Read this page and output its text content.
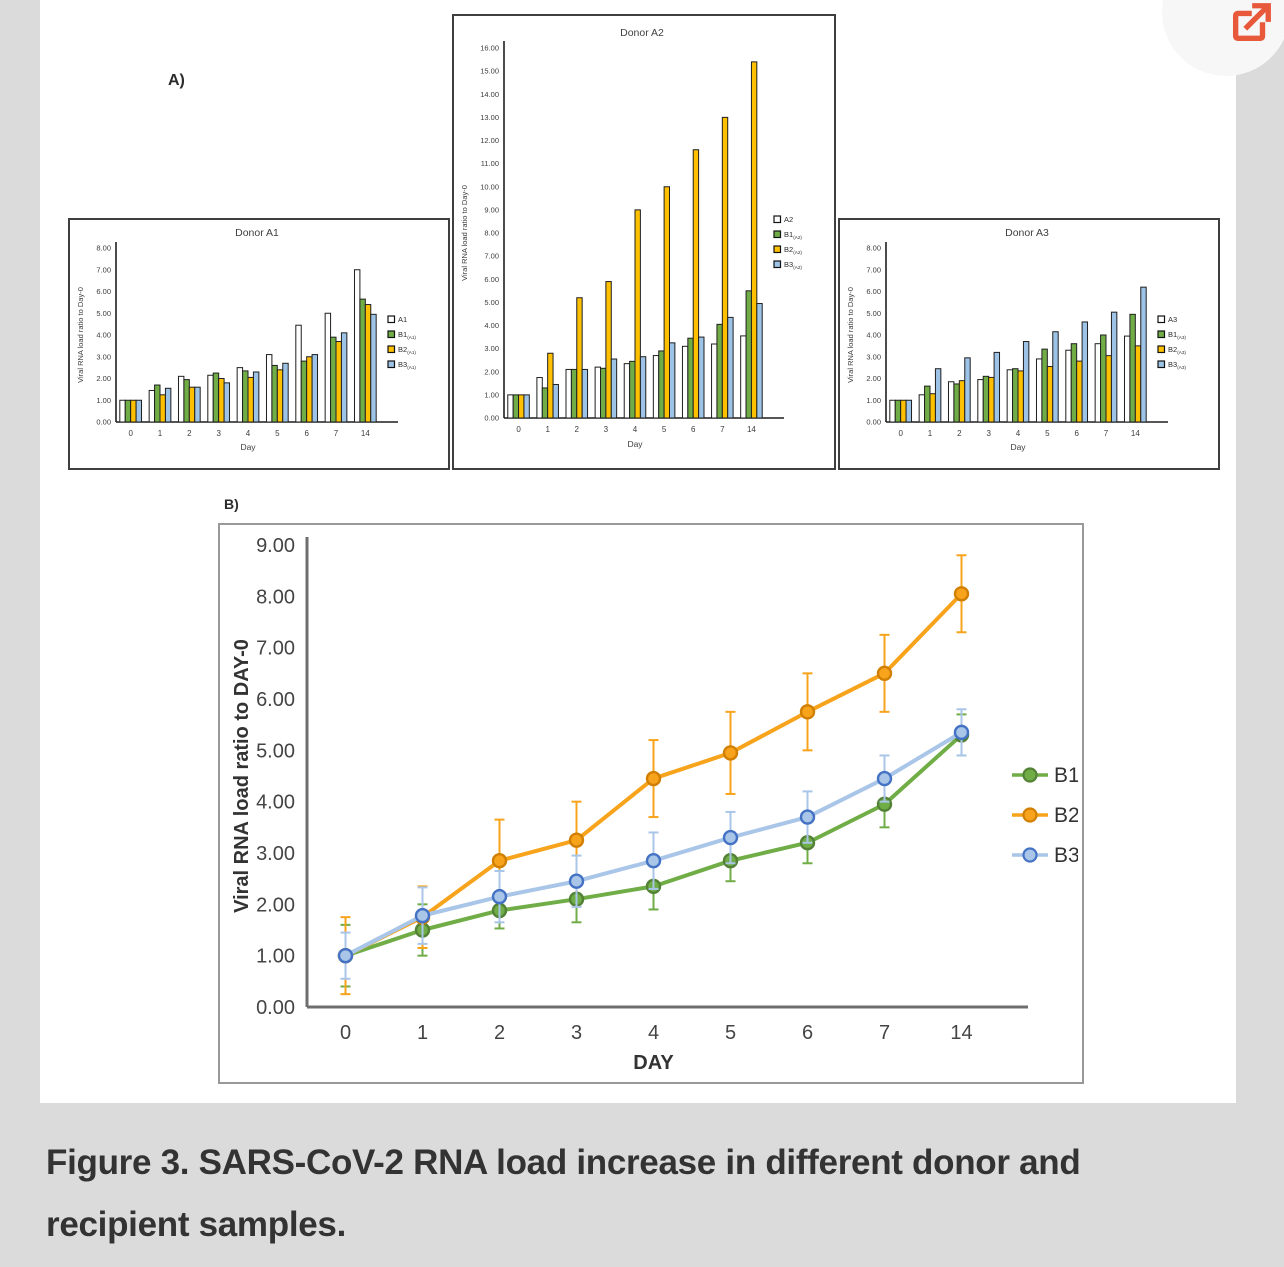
A)
B)
Donor A1
0.00
1.00
2.00
3.00
4.00
5.00
6.00
7.00
8.00
Viral RNA load ratio to Day-0
0	1	2	3	4	5	6	7	14
Day
A1
$B1_{(A1)}$
$B2_{(A1)}$
$B3_{(A1)}$
Donor A2
0.00
1.00
2.00
3.00
4.00
5.00
6.00
7.00
8.00
9.00
10.00
11.00
12.00
13.00
14.00
15.00
16.00
Viral RNA load ratio to Day-0
0	1	2	3	4	5	6	7	14
Day
A2
$B1_{(A2)}$
$B2_{(A2)}$
$B3_{(A2)}$
Donor A3
0.00
1.00
2.00
3.00
4.00
5.00
6.00
7.00
8.00
Viral RNA load ratio to Day-0
0	1	2	3	4	5	6	7	14
Day
A3
$B1_{(A3)}$
$B2_{(A3)}$
$B3_{(A3)}$
0.00
1.00
2.00
3.00
4.00
5.00
6.00
7.00
8.00
9.00
Viral RNA load ratio to DAY-0
0	1	2	3	4	5	6	7	14
DAY
B1
B2
B3
Figure 3. SARS-CoV-2 RNA load increase in different donor and recipient samples.
